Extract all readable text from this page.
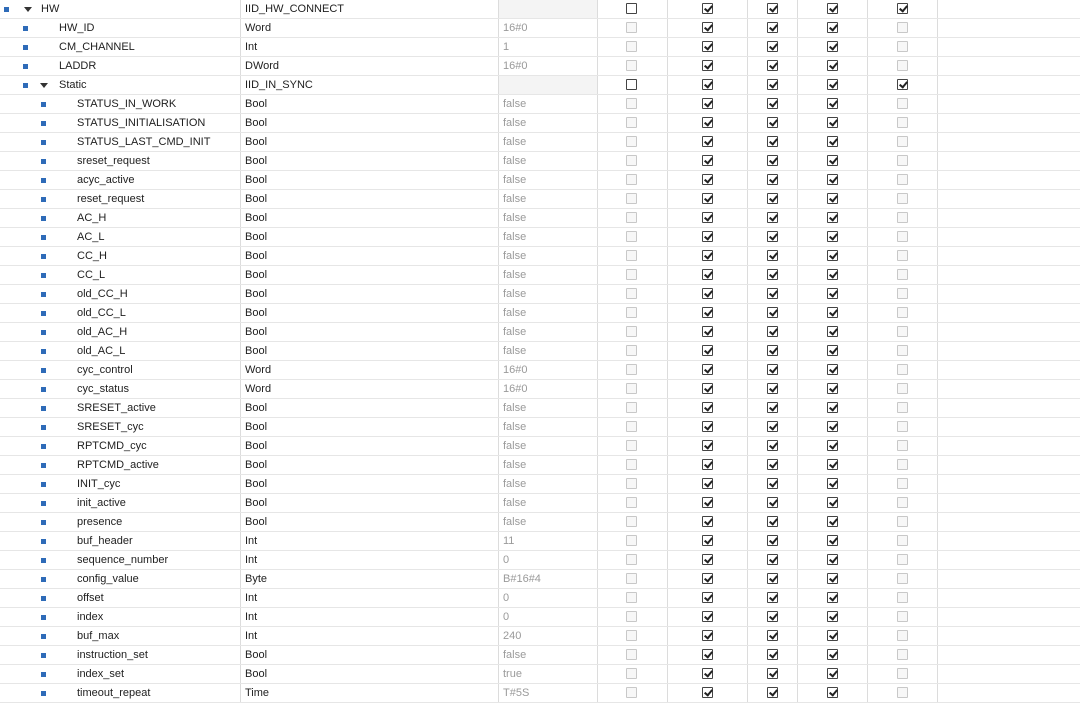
HW	IID_HW_CONNECT
HW_ID	Word	16#0
CM_CHANNEL	Int	1
LADDR	DWord	16#0
Static	IID_IN_SYNC
STATUS_IN_WORK	Bool	false
STATUS_INITIALISATION	Bool	false
STATUS_LAST_CMD_INIT	Bool	false
sreset_request	Bool	false
acyc_active	Bool	false
reset_request	Bool	false
AC_H	Bool	false
AC_L	Bool	false
CC_H	Bool	false
CC_L	Bool	false
old_CC_H	Bool	false
old_CC_L	Bool	false
old_AC_H	Bool	false
old_AC_L	Bool	false
cyc_control	Word	16#0
cyc_status	Word	16#0
SRESET_active	Bool	false
SRESET_cyc	Bool	false
RPTCMD_cyc	Bool	false
RPTCMD_active	Bool	false
INIT_cyc	Bool	false
init_active	Bool	false
presence	Bool	false
buf_header	Int	11
sequence_number	Int	0
config_value	Byte	B#16#4
offset	Int	0
index	Int	0
buf_max	Int	240
instruction_set	Bool	false
index_set	Bool	true
timeout_repeat	Time	T#5S
